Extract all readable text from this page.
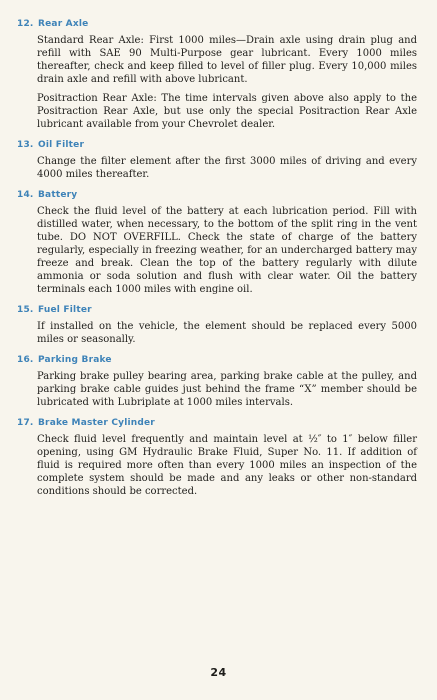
12. Rear Axle

Standard Rear Axle: First 1000 miles—Drain axle using drain plug and refill with SAE 90 Multi-Purpose gear lubricant. Every 1000 miles thereafter, check and keep filled to level of filler plug. Every 10,000 miles drain axle and refill with above lubricant.

Positraction Rear Axle: The time intervals given above also apply to the Positraction Rear Axle, but use only the special Positraction Rear Axle lubricant available from your Chevrolet dealer.

13. Oil Filter

Change the filter element after the first 3000 miles of driving and every 4000 miles thereafter.

14. Battery

Check the fluid level of the battery at each lubrication period. Fill with distilled water, when necessary, to the bottom of the split ring in the vent tube. DO NOT OVERFILL. Check the state of charge of the battery regularly, especially in freezing weather, for an undercharged battery may freeze and break. Clean the top of the battery regularly with dilute ammonia or soda solution and flush with clear water. Oil the battery terminals each 1000 miles with engine oil.

15. Fuel Filter

If installed on the vehicle, the element should be replaced every 5000 miles or seasonally.

16. Parking Brake

Parking brake pulley bearing area, parking brake cable at the pulley, and parking brake cable guides just behind the frame “X” member should be lubricated with Lubriplate at 1000 miles intervals.

17. Brake Master Cylinder

Check fluid level frequently and maintain level at ½″ to 1″ below filler opening, using GM Hydraulic Brake Fluid, Super No. 11. If addition of fluid is required more often than every 1000 miles an inspection of the complete system should be made and any leaks or other non-standard conditions should be corrected.

24
